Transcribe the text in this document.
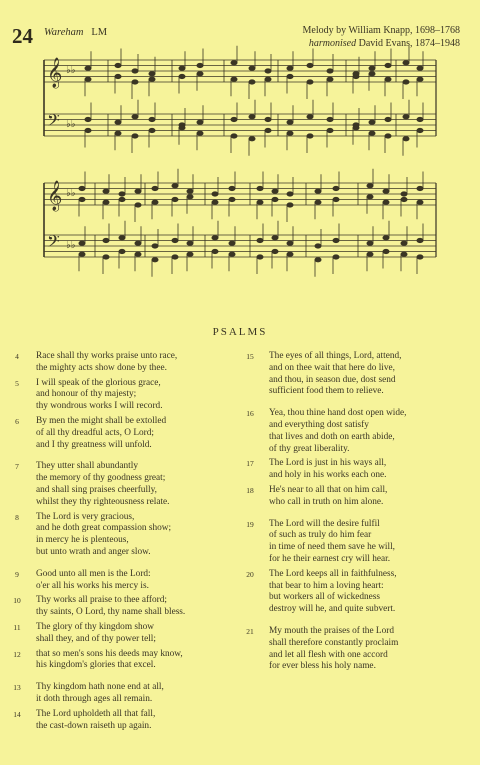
24 Wareham LM	Melody by William Knapp, 1698–1768
harmonised David Evans, 1874–1948
𝄞 ♭♭
𝄢 ♭♭
𝄞 ♭♭
𝄢 ♭♭
PSALMS
4	Race shall thy works praise unto race,
the mighty acts show done by thee.
5	I will speak of the glorious grace,
and honour of thy majesty;
thy wondrous works I will record.
6	By men the might shall be extolled
of all thy dreadful acts, O Lord;
and I thy greatness will unfold.
7	They utter shall abundantly
the memory of thy goodness great;
and shall sing praises cheerfully,
whilst they thy righteousness relate.
8	The Lord is very gracious,
and he doth great compassion show;
in mercy he is plenteous,
but unto wrath and anger slow.
9	Good unto all men is the Lord:
o'er all his works his mercy is.
10	Thy works all praise to thee afford;
thy saints, O Lord, thy name shall bless.
11	The glory of thy kingdom show
shall they, and of thy power tell;
12	that so men's sons his deeds may know,
his kingdom's glories that excel.
13	Thy kingdom hath none end at all,
it doth through ages all remain.
14	The Lord upholdeth all that fall,
the cast-down raiseth up again.
15	The eyes of all things, Lord, attend,
and on thee wait that here do live,
and thou, in season due, dost send
sufficient food them to relieve.
16	Yea, thou thine hand dost open wide,
and everything dost satisfy
that lives and doth on earth abide,
of thy great liberality.
17	The Lord is just in his ways all,
and holy in his works each one.
18	He's near to all that on him call,
who call in truth on him alone.
19	The Lord will the desire fulfil
of such as truly do him fear
in time of need them save he will,
for he their earnest cry will hear.
20	The Lord keeps all in faithfulness,
that bear to him a loving heart:
but workers all of wickedness
destroy will he, and quite subvert.
21	My mouth the praises of the Lord
shall therefore constantly proclaim
and let all flesh with one accord
for ever bless his holy name.
